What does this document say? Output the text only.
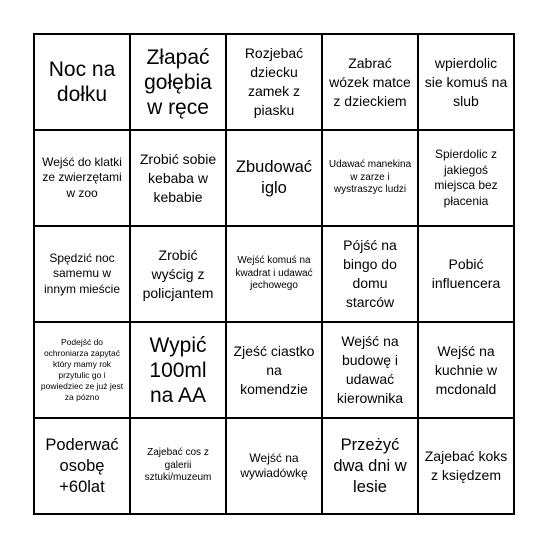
Noc na dołku
Złapać gołębia w ręce
Rozjebać dziecku zamek z piasku
Zabrać wózek matce z dzieckiem
wpierdolic sie komuś na slub
Wejść do klatki ze zwierzętami w zoo
Zrobić sobie kebaba w kebabie
Zbudować iglo
Udawać manekina w zarze i wystraszyc ludzi
Spierdolic z jakiegoś miejsca bez płacenia
Spędzić noc samemu w innym mieście
Zrobić wyścig z policjantem
Wejść komuś na kwadrat i udawać jechowego
Pójść na bingo do domu starców
Pobić influencera
Podejść do ochroniarza zapytać który mamy rok przytulic go i powiedziec ze już jest za pózno
Wypić 100ml na AA
Zjeść ciastko na komendzie
Wejść na budowę i udawać kierownika
Wejść na kuchnie w mcdonald
Poderwać osobę +60lat
Zajebać cos z galerii sztuki/muzeum
Wejść na wywiadówkę
Przeżyć dwa dni w lesie
Zajebać koks z księdzem
